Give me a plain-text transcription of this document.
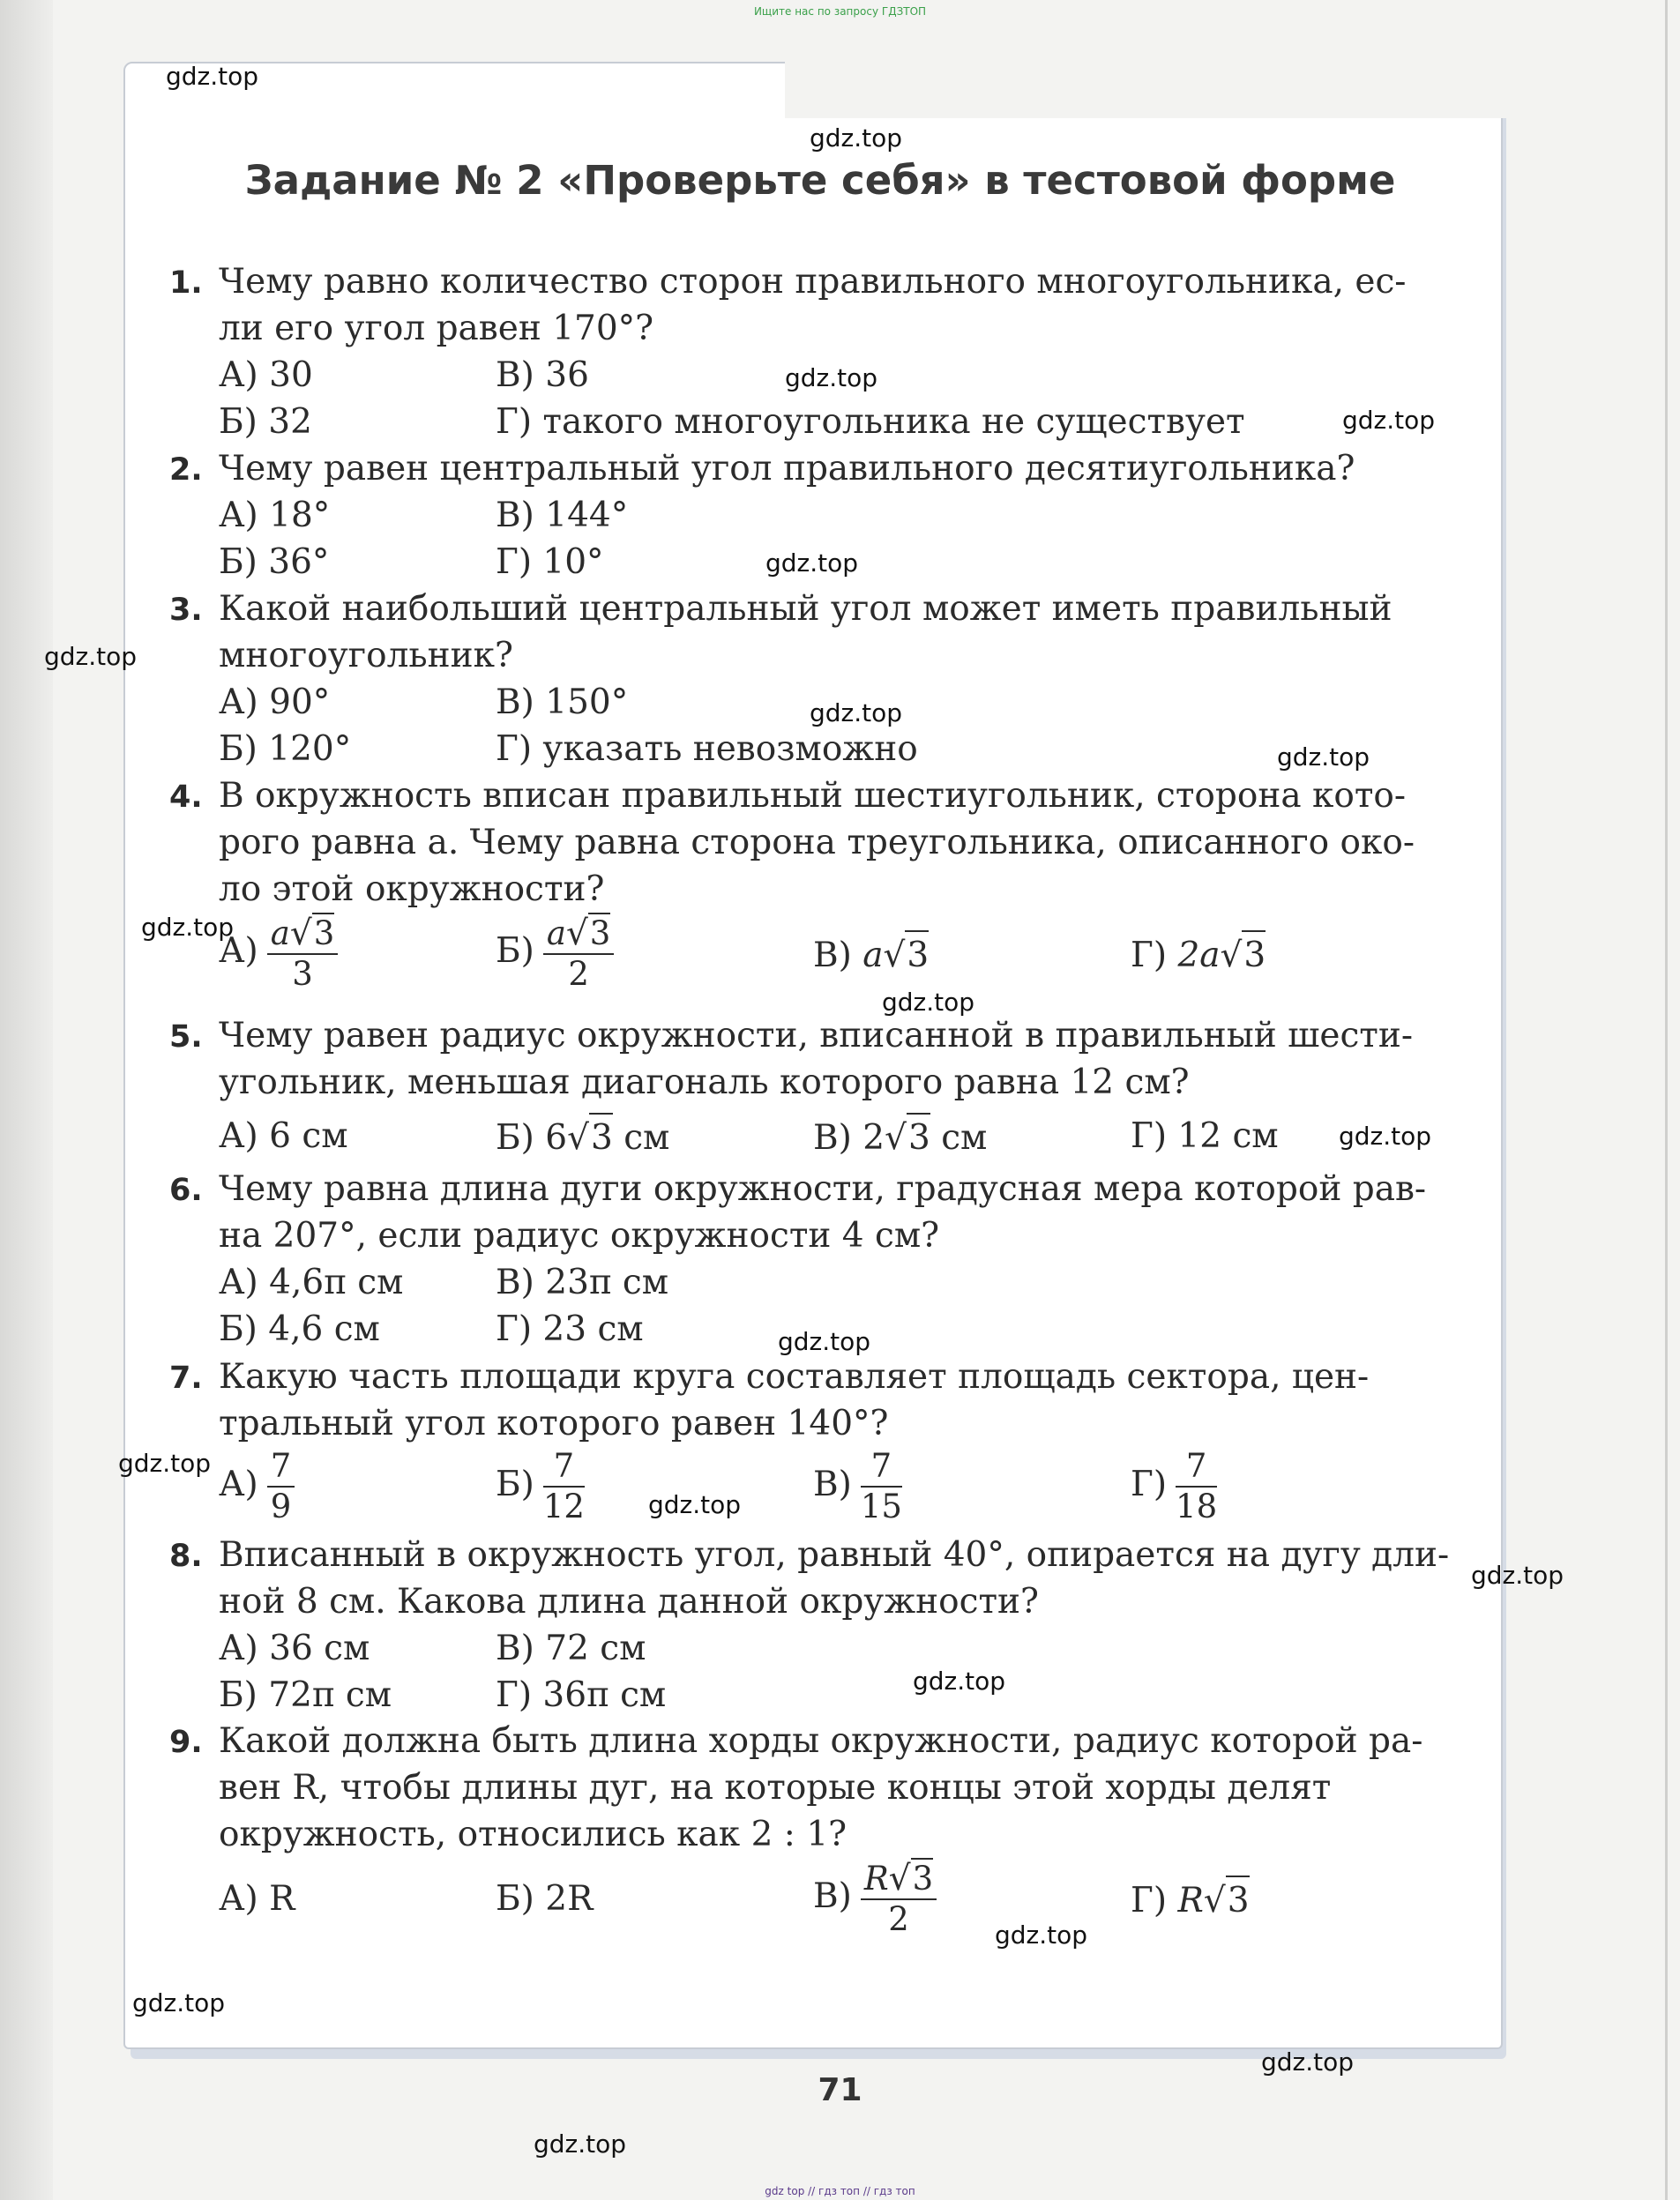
Ищите нас по запросу ГДЗТОП
Задание № 2 «Проверьте себя» в тестовой форме
1. Чему равно количество сторон правильного многоугольника, ес-
ли его угол равен 170°?
А) 30	В) 36
Б) 32	Г) такого многоугольника не существует
2. Чему равен центральный угол правильного десятиугольника?
А) 18°	В) 144°
Б) 36°	Г) 10°
3. Какой наибольший центральный угол может иметь правильный
многоугольник?
А) 90°	В) 150°
Б) 120°	Г) указать невозможно
4. В окружность вписан правильный шестиугольник, сторона кото-
рого равна a. Чему равна сторона треугольника, описанного око-
ло этой окружности?
$А) \frac{a√3}{3}$	$Б) \frac{a√3}{2}$	В) a√3	Г) 2a√3
5. Чему равен радиус окружности, вписанной в правильный шести-
угольник, меньшая диагональ которого равна 12 см?
А) 6 см	Б) 6√3 см	В) 2√3 см	Г) 12 см
6. Чему равна длина дуги окружности, градусная мера которой рав-
на 207°, если радиус окружности 4 см?
А) 4,6π см	В) 23π см
Б) 4,6 см	Г) 23 см
7. Какую часть площади круга составляет площадь сектора, цен-
тральный угол которого равен 140°?
$А) \frac{7}{9}$	$Б) \frac{7}{12}$	$В) \frac{7}{15}$	$Г) \frac{7}{18}$
8. Вписанный в окружность угол, равный 40°, опирается на дугу дли-
ной 8 см. Какова длина данной окружности?
А) 36 см	В) 72 см
Б) 72π см	Г) 36π см
9. Какой должна быть длина хорды окружности, радиус которой ра-
вен R, чтобы длины дуг, на которые концы этой хорды делят
окружность, относились как 2 : 1?
А) R	Б) 2R	$В) \frac{R√3}{2}$	Г) R√3
71
gdz.top
gdz.top
gdz.top
gdz.top
gdz.top
gdz.top
gdz.top
gdz.top
gdz.top
gdz.top
gdz.top
gdz.top
gdz.top
gdz.top
gdz.top
gdz.top
gdz.top
gdz.top
gdz.top
gdz.top
gdz top // гдз топ // гдз топ
